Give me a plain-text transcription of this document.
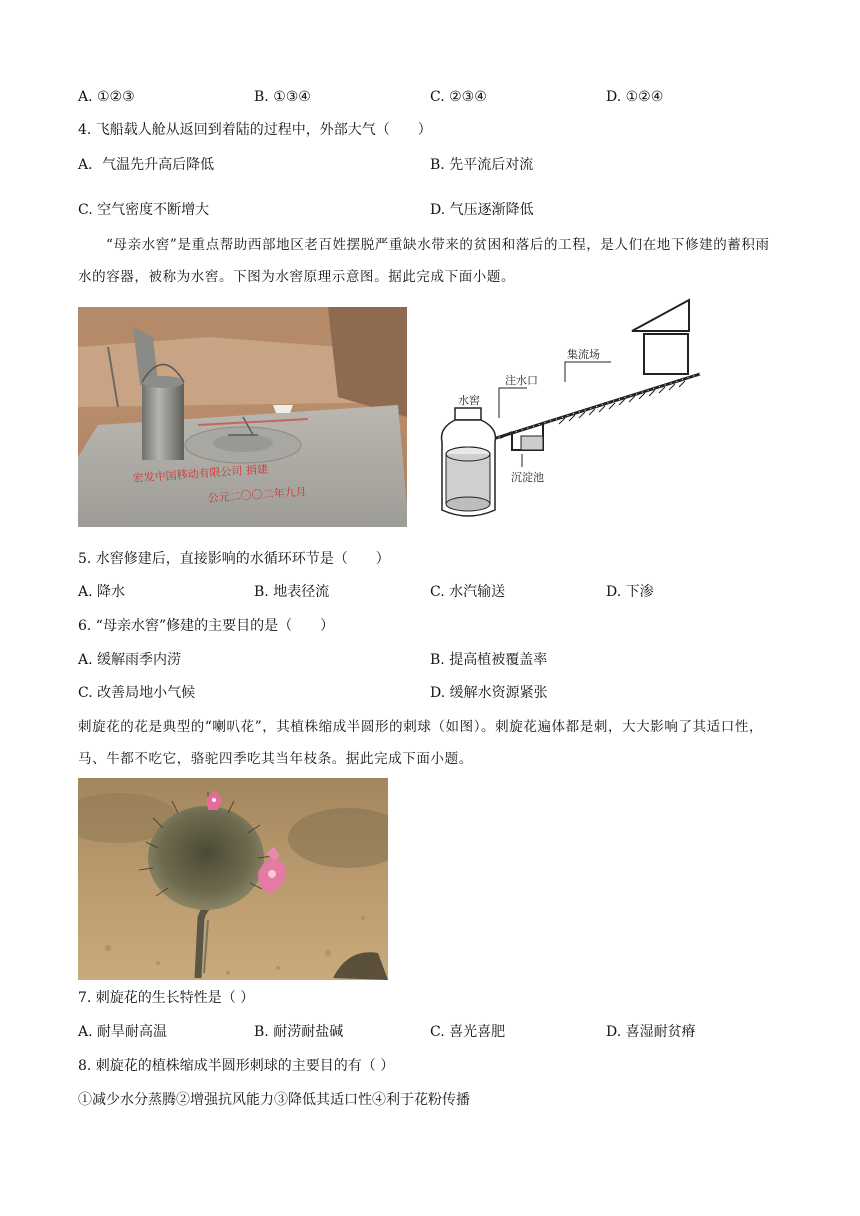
A. ①②③	B. ①③④	C. ②③④	D. ①②④
4. 飞船载人舱从返回到着陆的过程中，外部大气（　　）
A．气温先升高后降低	B. 先平流后对流
C. 空气密度不断增大	D. 气压逐渐降低
“母亲水窖”是重点帮助西部地区老百姓摆脱严重缺水带来的贫困和落后的工程，是人们在地下修建的蓄积雨水的容器，被称为水窖。下图为水窖原理示意图。据此完成下面小题。
宏发中国移动有限公司 捐建
公元二〇〇二年九月
水窖
注水口
集流场
沉淀池
5. 水窖修建后，直接影响的水循环环节是（　　）
A. 降水	B. 地表径流	C. 水汽输送	D. 下渗
6. “母亲水窖”修建的主要目的是（　　）
A. 缓解雨季内涝	B. 提高植被覆盖率
C. 改善局地小气候	D. 缓解水资源紧张
刺旋花的花是典型的“喇叭花”，其植株缩成半圆形的刺球（如图）。刺旋花遍体都是刺，大大影响了其适口性，马、牛都不吃它，骆驼四季吃其当年枝条。据此完成下面小题。
7. 刺旋花的生长特性是（ ）
A. 耐旱耐高温	B. 耐涝耐盐碱	C. 喜光喜肥	D. 喜湿耐贫瘠
8. 刺旋花的植株缩成半圆形刺球的主要目的有（ ）
①减少水分蒸腾②增强抗风能力③降低其适口性④利于花粉传播
